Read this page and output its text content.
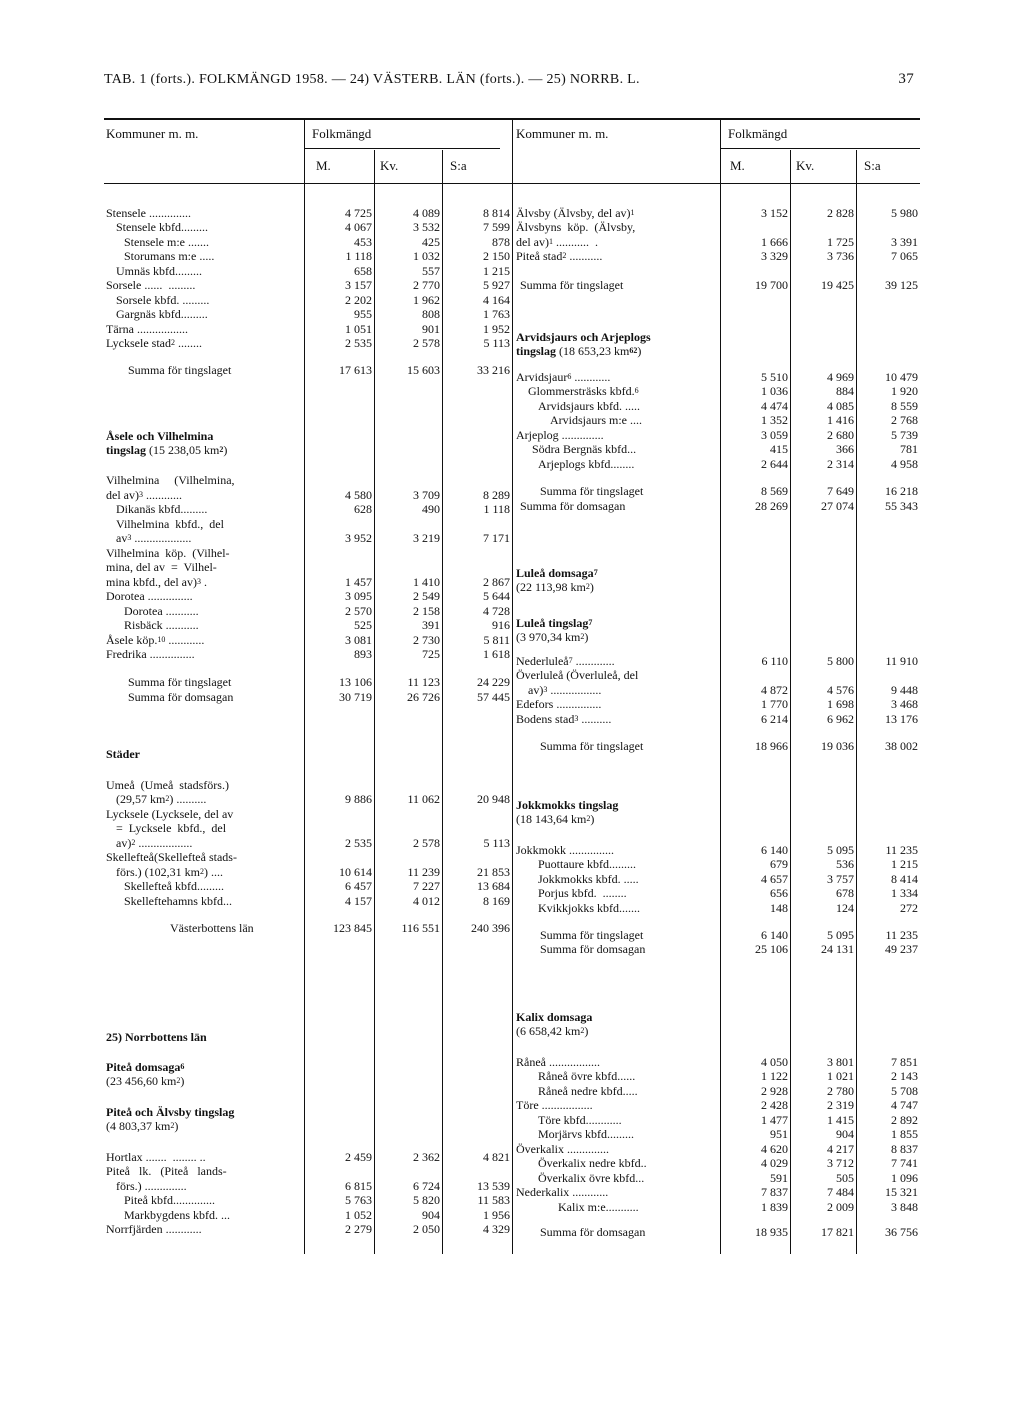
TAB. 1 (forts.). FOLKMÄNGD 1958. — 24) VÄSTERB. LÄN (forts.). — 25) NORRB. L.	37
Kommuner m. m.	Folkmängd
M.	Kv.	S:a
Kommuner m. m.	Folkmängd
M.	Kv.	S:a
Stensele ..............	4 725	4 089	8 814
Stensele kbfd.........	4 067	3 532	7 599
Stensele m:e .......	453	425	878
Storumans m:e .....	1 118	1 032	2 150
Umnäs kbfd.........	658	557	1 215
Sorsele ......  .........	3 157	2 770	5 927
Sorsele kbfd. .........	2 202	1 962	4 164
Gargnäs kbfd.........	955	808	1 763
Tärna .................	1 051	901	1 952
Lycksele stad$^2$ ........	2 535	2 578	5 113
Summa för tingslaget	17 613	15 603	33 216
Åsele och Vilhelmina
tingslag (15 238,05 $km^2$)
Vilhelmina     (Vilhelmina,
del av)$^3$ ............	4 580	3 709	8 289
Dikanäs kbfd.........	628	490	1 118
Vilhelmina  kbfd.,  del
$av^3$ ...................	3 952	3 219	7 171
Vilhelmina  köp.  (Vilhel-
mina, del av  =  Vilhel-
mina kbfd., del av)$^3$ .	1 457	1 410	2 867
Dorotea ...............	3 095	2 549	5 644
Dorotea ...........	2 570	2 158	4 728
Risbäck ...........	525	391	916
Åsele köp.$^{10}$ ............	3 081	2 730	5 811
Fredrika ...............	893	725	1 618
Summa för tingslaget	13 106	11 123	24 229
Summa för domsagan	30 719	26 726	57 445
Städer
Umeå  (Umeå  stadsförs.)
(29,57 $km^2$) ..........	9 886	11 062	20 948
Lycksele (Lycksele, del av
=  Lycksele  kbfd.,  del
av)$^2$ ..................	2 535	2 578	5 113
Skellefteå(Skellefteå stads-
förs.) (102,31 $km^2$) ....	10 614	11 239	21 853
Skellefteå kbfd.........	6 457	7 227	13 684
Skelleftehamns kbfd...	4 157	4 012	8 169
Västerbottens län	123 845	116 551	240 396
25) Norrbottens län
Piteå domsaga$^6$
(23 456,60 $km^2$)
Piteå och Älvsby tingslag
(4 803,37 $km^2$)
Hortlax .......  ........ ..	2 459	2 362	4 821
Piteå   lk.   (Piteå   lands-
förs.) ..............	6 815	6 724	13 539
Piteå kbfd..............	5 763	5 820	11 583
Markbygdens kbfd. ...	1 052	904	1 956
Norrfjärden ............	2 279	2 050	4 329
Älvsby (Älvsby, del av)$^1$	3 152	2 828	5 980
Älvsbyns  köp.  (Älvsby,
del av)$^1$ ...........  .	1 666	1 725	3 391
Piteå stad$^2$ ...........	3 329	3 736	7 065
Summa för tingslaget	19 700	19 425	39 125
Arvidsjaurs och Arjeplogs
tingslag (18 653,23 $km^{62}$)
Arvidsjaur$^6$ ............	5 510	4 969	10 479
Glommersträsks kbfd.$^6$	1 036	884	1 920
Arvidsjaurs kbfd. .....	4 474	4 085	8 559
Arvidsjaurs m:e ....	1 352	1 416	2 768
Arjeplog ..............	3 059	2 680	5 739
Södra Bergnäs kbfd...	415	366	781
Arjeplogs kbfd........	2 644	2 314	4 958
Summa för tingslaget	8 569	7 649	16 218
Summa för domsagan	28 269	27 074	55 343
Luleå domsaga$^7$
(22 113,98 $km^2$)
Luleå tingslag$^7$
(3 970,34 $km^2$)
Nederluleå$^7$ .............	6 110	5 800	11 910
Överluleå (Överluleå, del
av)$^3$ .................	4 872	4 576	9 448
Edefors ...............	1 770	1 698	3 468
Bodens stad$^3$ ..........	6 214	6 962	13 176
Summa för tingslaget	18 966	19 036	38 002
Jokkmokks tingslag
(18 143,64 $km^2$)
Jokkmokk ...............	6 140	5 095	11 235
Puottaure kbfd.........	679	536	1 215
Jokkmokks kbfd. .....	4 657	3 757	8 414
Porjus kbfd.  ........	656	678	1 334
Kvikkjokks kbfd.......	148	124	272
Summa för tingslaget	6 140	5 095	11 235
Summa för domsagan	25 106	24 131	49 237
Kalix domsaga
(6 658,42 $km^2$)
Råneå .................	4 050	3 801	7 851
Råneå övre kbfd......	1 122	1 021	2 143
Råneå nedre kbfd.....	2 928	2 780	5 708
Töre .................	2 428	2 319	4 747
Töre kbfd............	1 477	1 415	2 892
Morjärvs kbfd.........	951	904	1 855
Överkalix ..............	4 620	4 217	8 837
Överkalix nedre kbfd..	4 029	3 712	7 741
Överkalix övre kbfd...	591	505	1 096
Nederkalix ............	7 837	7 484	15 321
Kalix m:e...........	1 839	2 009	3 848
Summa för domsagan	18 935	17 821	36 756
